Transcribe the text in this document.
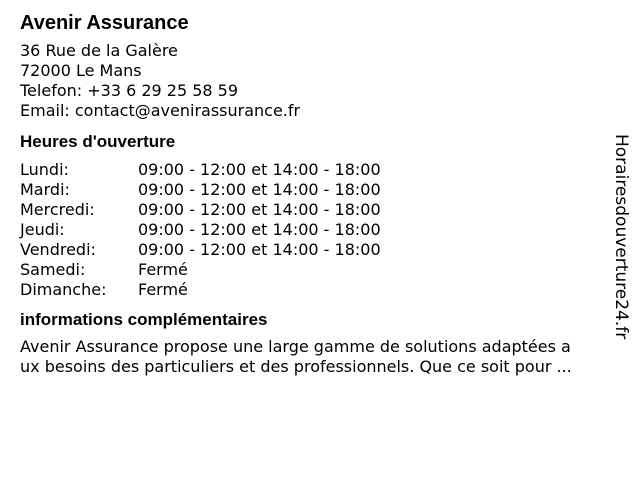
Avenir Assurance
36 Rue de la Galère
72000 Le Mans
Telefon: +33 6 29 25 58 59
Email: contact@avenirassurance.fr
Heures d'ouverture
Lundi:	09:00 - 12:00 et 14:00 - 18:00
Mardi:	09:00 - 12:00 et 14:00 - 18:00
Mercredi:	09:00 - 12:00 et 14:00 - 18:00
Jeudi:	09:00 - 12:00 et 14:00 - 18:00
Vendredi:	09:00 - 12:00 et 14:00 - 18:00
Samedi:	Fermé
Dimanche:	Fermé
informations complémentaires
Avenir Assurance propose une large gamme de solutions adaptées a
ux besoins des particuliers et des professionnels. Que ce soit pour ...
Horairesdouverture24.fr
